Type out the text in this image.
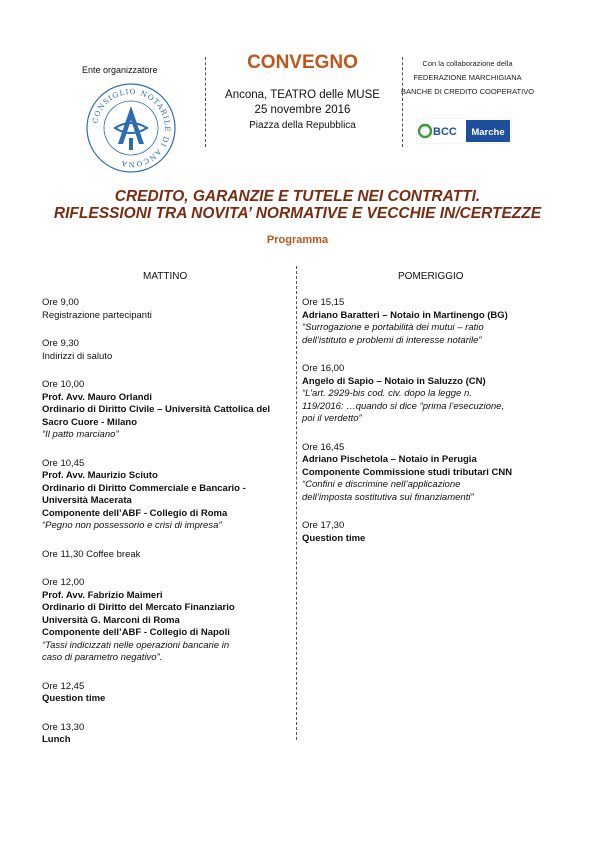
Ente organizzatore
CONSIGLIO NOTARILE DI ANCONA
CONVEGNO
Ancona, TEATRO delle MUSE
25 novembre 2016
Piazza della Repubblica
Con la collaborazione della
FEDERAZIONE MARCHIGIANA
BANCHE DI CREDITO COOPERATIVO
BCC Marche
CREDITO, GARANZIE E TUTELE NEI CONTRATTI.
RIFLESSIONI TRA NOVITA’ NORMATIVE E VECCHIE IN/CERTEZZE
Programma
MATTINO	POMERIGGIO
Ore 9,00
Registrazione partecipanti
Ore 9,30
Indirizzi di saluto
Ore 10,00
Prof. Avv. Mauro Orlandi
Ordinario di Diritto Civile – Università Cattolica del
Sacro Cuore - Milano
“Il patto marciano”
Ore 10,45
Prof. Avv. Maurizio Sciuto
Ordinario di Diritto Commerciale e Bancario -
Università Macerata
Componente dell’ABF - Collegio di Roma
“Pegno non possessorio e crisi di impresa”
Ore 11,30 Coffee break
Ore 12,00
Prof. Avv. Fabrizio Maimeri
Ordinario di Diritto del Mercato Finanziario
Università G. Marconi di Roma
Componente dell’ABF - Collegio di Napoli
“Tassi indicizzati nelle operazioni bancarie in
caso di parametro negativo”.
Ore 12,45
Question time
Ore 13,30
Lunch
Ore 15,15
Adriano Baratteri – Notaio in Martinengo (BG)
“Surrogazione e portabilità dei mutui – ratio
dell’istituto e problemi di interesse notarile”
Ore 16,00
Angelo di Sapio – Notaio in Saluzzo (CN)
“L’art. 2929-bis cod. civ. dopo la legge n.
119/2016: …quando si dice “prima l’esecuzione,
poi il verdetto”
Ore 16,45
Adriano Pischetola – Notaio in Perugia
Componente Commissione studi tributari CNN
“Confini e discrimine nell’applicazione
dell’imposta sostitutiva sui finanziamenti”
Ore 17,30
Question time
